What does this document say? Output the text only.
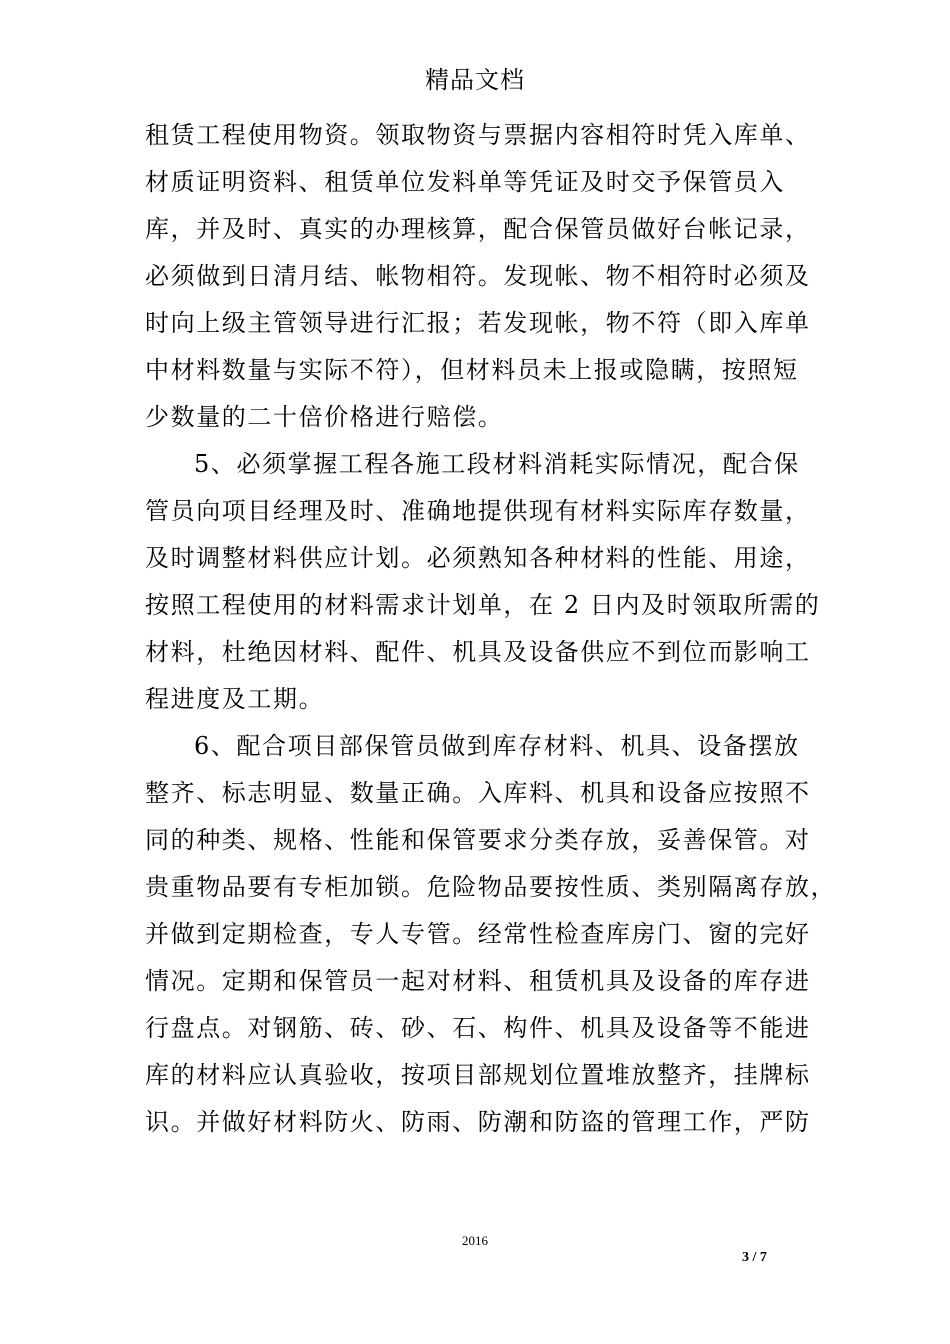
精品文档
租赁工程使用物资。领取物资与票据内容相符时凭入库单、
材质证明资料、租赁单位发料单等凭证及时交予保管员入
库，并及时、真实的办理核算，配合保管员做好台帐记录，
必须做到日清月结、帐物相符。发现帐、物不相符时必须及
时向上级主管领导进行汇报；若发现帐，物不符（即入库单
中材料数量与实际不符），但材料员未上报或隐瞒，按照短
少数量的二十倍价格进行赔偿。
5、必须掌握工程各施工段材料消耗实际情况，配合保
管员向项目经理及时、准确地提供现有材料实际库存数量，
及时调整材料供应计划。必须熟知各种材料的性能、用途，
按照工程使用的材料需求计划单，在 2 日内及时领取所需的
材料，杜绝因材料、配件、机具及设备供应不到位而影响工
程进度及工期。
6、配合项目部保管员做到库存材料、机具、设备摆放
整齐、标志明显、数量正确。入库料、机具和设备应按照不
同的种类、规格、性能和保管要求分类存放，妥善保管。对
贵重物品要有专柜加锁。危险物品要按性质、类别隔离存放，
并做到定期检查，专人专管。经常性检查库房门、窗的完好
情况。定期和保管员一起对材料、租赁机具及设备的库存进
行盘点。对钢筋、砖、砂、石、构件、机具及设备等不能进
库的材料应认真验收，按项目部规划位置堆放整齐，挂牌标
识。并做好材料防火、防雨、防潮和防盗的管理工作，严防
2016
3 / 7
